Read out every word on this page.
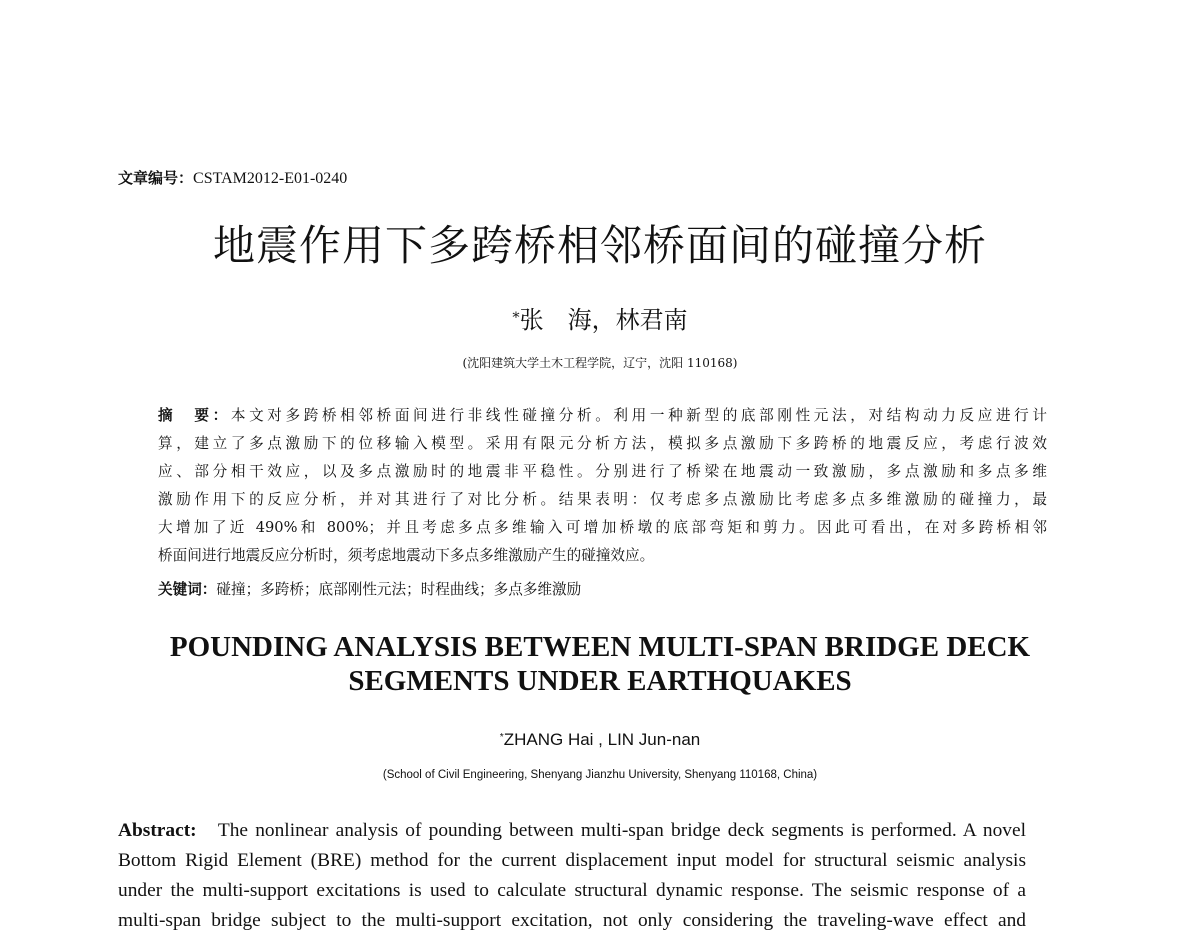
文章编号：CSTAM2012-E01-0240
地震作用下多跨桥相邻桥面间的碰撞分析
*张　海，林君南
(沈阳建筑大学土木工程学院，辽宁，沈阳 110168)
摘　要：本文对多跨桥相邻桥面间进行非线性碰撞分析。利用一种新型的底部刚性元法，对结构动力反应进行计
算，建立了多点激励下的位移输入模型。采用有限元分析方法，模拟多点激励下多跨桥的地震反应，考虑行波效
应、部分相干效应，以及多点激励时的地震非平稳性。分别进行了桥梁在地震动一致激励，多点激励和多点多维
激励作用下的反应分析，并对其进行了对比分析。结果表明：仅考虑多点激励比考虑多点多维激励的碰撞力，最
大增加了近 490%和 800%；并且考虑多点多维输入可增加桥墩的底部弯矩和剪力。因此可看出，在对多跨桥相邻
桥面间进行地震反应分析时，须考虑地震动下多点多维激励产生的碰撞效应。
关键词：碰撞；多跨桥；底部刚性元法；时程曲线；多点多维激励
POUNDING ANALYSIS BETWEEN MULTI-SPAN BRIDGE DECK
SEGMENTS UNDER EARTHQUAKES
*ZHANG Hai , LIN Jun-nan
(School of Civil Engineering, Shenyang Jianzhu University, Shenyang 110168, China)
Abstract: The nonlinear analysis of pounding between multi-span bridge deck segments is performed. A novel
Bottom Rigid Element (BRE) method for the current displacement input model for structural seismic analysis
under the multi-support excitations is used to calculate structural dynamic response. The seismic response of a
multi-span bridge subject to the multi-support excitation, not only considering the traveling-wave effect and
